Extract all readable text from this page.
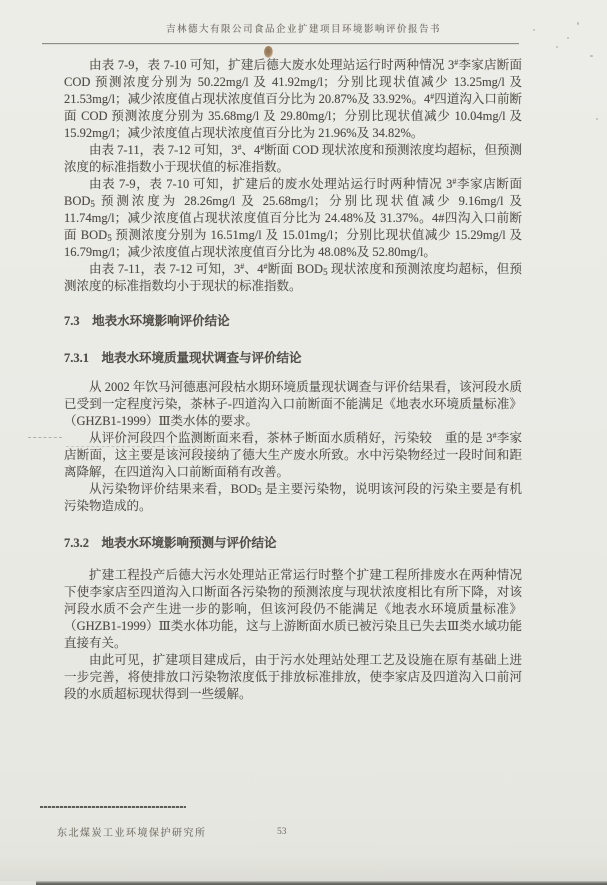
吉林德大有限公司食品企业扩建项目环境影响评价报告书

由表 7-9，表 7-10 可知，扩建后德大废水处理站运行时两种情况 3#李家店断面 COD 预测浓度分别为 50.22mg/l 及 41.92mg/l；分别比现状值减少 13.25mg/l 及 21.53mg/l；减少浓度值占现状浓度值百分比为 20.87%及 33.92%。4#四道沟入口前断面 COD 预测浓度分别为 35.68mg/l 及 29.80mg/l；分别比现状值减少 10.04mg/l 及 15.92mg/l；减少浓度值占现状浓度值百分比为 21.96%及 34.82%。

由表 7-11，表 7-12 可知，3#、4#断面 COD 现状浓度和预测浓度均超标，但预测浓度的标准指数小于现状值的标准指数。

由表 7-9，表 7-10 可知，扩建后的废水处理站运行时两种情况 3#李家店断面 $BOD_5$ 预测浓度为 28.26mg/l 及 25.68mg/l；分别比现状值减少 9.16mg/l 及 11.74mg/l；减少浓度值占现状浓度值百分比为 24.48%及 31.37%。4#四沟入口前断面 $BOD_5$ 预测浓度分别为 16.51mg/l 及 15.01mg/l；分别比现状值减少 15.29mg/l 及 16.79mg/l；减少浓度值占现状浓度值百分比为 48.08%及 52.80mg/l。

由表 7-11，表 7-12 可知，3#、4#断面 $BOD_5$ 现状浓度和预测浓度均超标，但预测浓度的标准指数均小于现状的标准指数。

7.3　地表水环境影响评价结论
7.3.1　地表水环境质量现状调查与评价结论

从 2002 年饮马河德惠河段枯水期环境质量现状调查与评价结果看，该河段水质已受到一定程度污染，茶林子-四道沟入口前断面不能满足《地表水环境质量标准》（GHZB1-1999）Ⅲ类水体的要求。

从评价河段四个监测断面来看，茶林子断面水质稍好，污染较　重的是 3#李家店断面，这主要是该河段接纳了德大生产废水所致。水中污染物经过一段时间和距离降解，在四道沟入口前断面稍有改善。

从污染物评价结果来看，$BOD_5$ 是主要污染物，说明该河段的污染主要是有机污染物造成的。

7.3.2　地表水环境影响预测与评价结论

扩建工程投产后德大污水处理站正常运行时整个扩建工程所排废水在两种情况下使李家店至四道沟入口断面各污染物的预测浓度与现状浓度相比有所下降，对该河段水质不会产生进一步的影响，但该河段仍不能满足《地表水环境质量标准》（GHZB1-1999）Ⅲ类水体功能，这与上游断面水质已被污染且已失去Ⅲ类水域功能直接有关。

由此可见，扩建项目建成后，由于污水处理站处理工艺及设施在原有基础上进一步完善，将使排放口污染物浓度低于排放标准排放，使李家店及四道沟入口前河段的水质超标现状得到一些缓解。

东北煤炭工业环境保护研究所	53
